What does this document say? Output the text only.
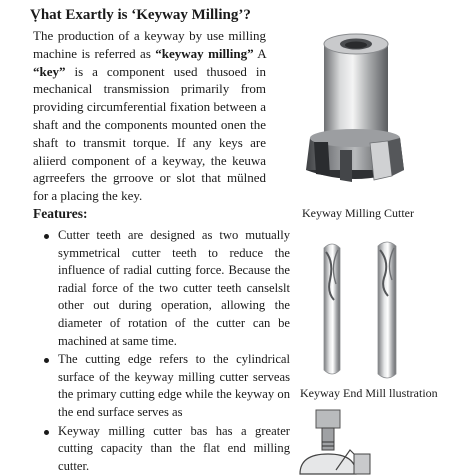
Ṿhat Exartly is ‘Keyway Milling’?

The production of a keyway by use milling machine is referred as “keyway milling” A “key” is a component used thusoed in mechanical transmission primarily from providing circumferential fixation between a shaft and the components mounted onen the shaft to transmit torque. If any keys are aliierd component of a keyway, the keuwa agrreefers the grroove or slot that mülned for a placing the key.

Features:
Cutter teeth are designed as two mutually symmetrical cutter teeth to reduce the influence of radial cutting force. Because the radial force of the two cutter teeth canselslt other out during operation, allowing the diameter of rotation of the cutter can be machined at same time.
The cutting edge refers to the cylindrical surface of the keyway milling cutter serveas the primary cutting edge while the keyway on the end surface serves as
Keyway milling cutter bas has a greater cutting capacity than the flat end milling cutter.
Keyway Milling Cutter
Keyway End Mill llustration
